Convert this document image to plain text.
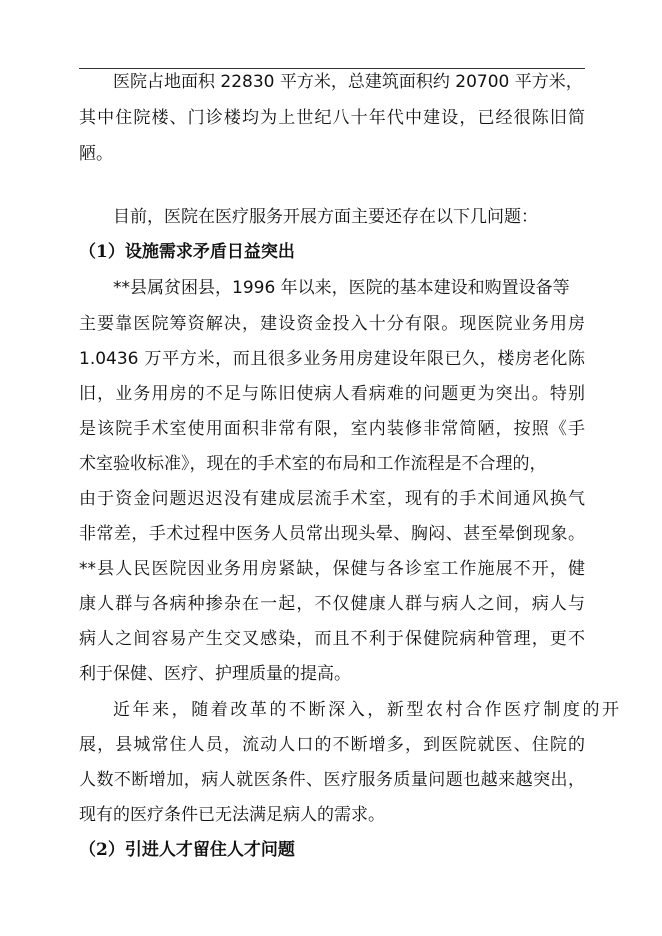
医院占地面积 22830 平方米，总建筑面积约 20700 平方米，
其中住院楼、门诊楼均为上世纪八十年代中建设，已经很陈旧简
陋。
目前，医院在医疗服务开展方面主要还存在以下几问题：
（1）设施需求矛盾日益突出
**县属贫困县，1996 年以来，医院的基本建设和购置设备等
主要靠医院筹资解决，建设资金投入十分有限。现医院业务用房
1.0436 万平方米，而且很多业务用房建设年限已久，楼房老化陈
旧，业务用房的不足与陈旧使病人看病难的问题更为突出。特别
是该院手术室使用面积非常有限，室内装修非常简陋，按照《手
术室验收标准》，现在的手术室的布局和工作流程是不合理的，
由于资金问题迟迟没有建成层流手术室，现有的手术间通风换气
非常差，手术过程中医务人员常出现头晕、胸闷、甚至晕倒现象。
**县人民医院因业务用房紧缺，保健与各诊室工作施展不开，健
康人群与各病种掺杂在一起，不仅健康人群与病人之间，病人与
病人之间容易产生交叉感染，而且不利于保健院病种管理，更不
利于保健、医疗、护理质量的提高。
近年来，随着改革的不断深入，新型农村合作医疗制度的开
展，县城常住人员，流动人口的不断增多，到医院就医、住院的
人数不断增加，病人就医条件、医疗服务质量问题也越来越突出，
现有的医疗条件已无法满足病人的需求。
（2）引进人才留住人才问题
